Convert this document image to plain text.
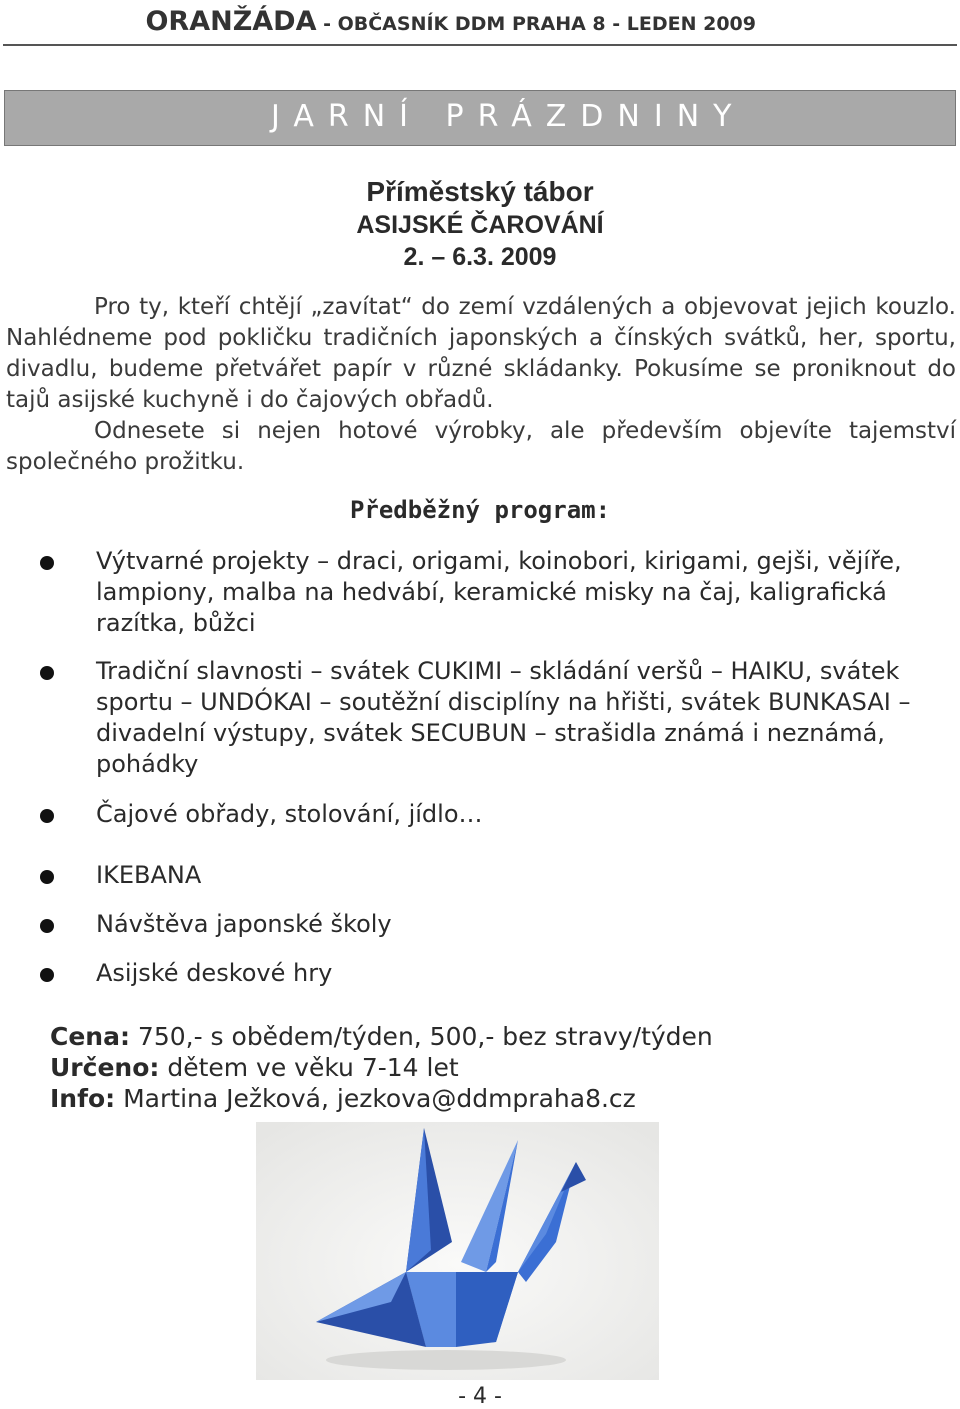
ORANŽÁDA - OBČASNÍK DDM PRAHA 8 - LEDEN 2009
JARNÍ PRÁZDNINY
Příměstský tábor
ASIJSKÉ ČAROVÁNÍ
2. – 6.3. 2009

Pro ty, kteří chtějí „zavítat“ do zemí vzdálených a objevovat jejich kouzlo. Nahlédneme pod pokličku tradičních japonských a čínských svátků, her, sportu, divadlu, budeme přetvářet papír v různé skládanky. Pokusíme se proniknout do tajů asijské kuchyně i do čajových obřadů.

Odnesete si nejen hotové výrobky, ale především objevíte tajemství společného prožitku.

Předběžný program:
Výtvarné projekty – draci, origami, koinobori, kirigami, gejši, vějíře, lampiony, malba na hedvábí, keramické misky na čaj, kaligrafická razítka, bůžci
Tradiční slavnosti – svátek CUKIMI – skládání veršů – HAIKU, svátek sportu – UNDÓKAI – soutěžní disciplíny na hřišti, svátek BUNKASAI – divadelní výstupy, svátek SECUBUN – strašidla známá i neznámá, pohádky
Čajové obřady, stolování, jídlo…
IKEBANA
Návštěva japonské školy
Asijské deskové hry
Cena: 750,- s obědem/týden, 500,- bez stravy/týden
Určeno: dětem ve věku 7-14 let
Info: Martina Ježková, jezkova@ddmpraha8.cz
- 4 -
